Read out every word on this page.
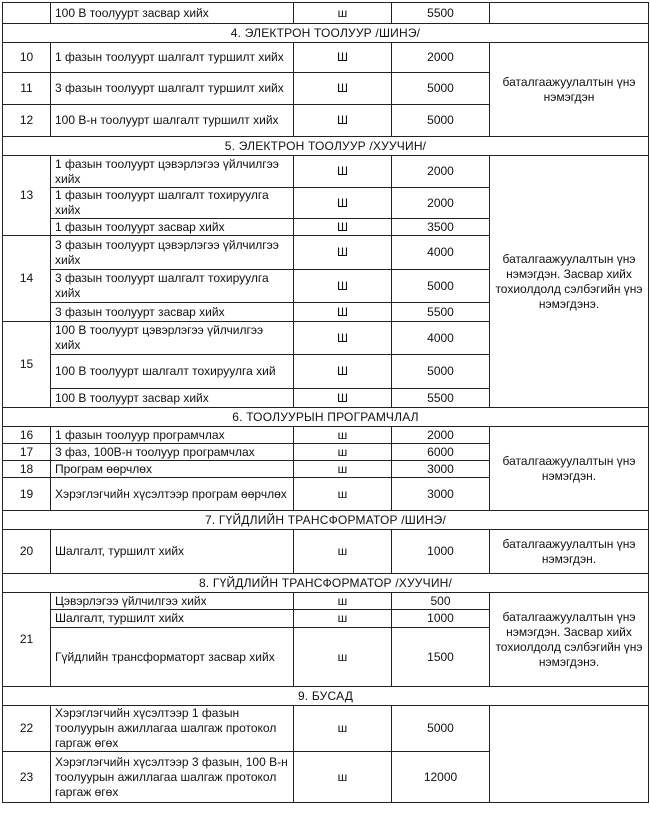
	100 В тоолуурт засвар хийх	ш	5500	
4. ЭЛЕКТРОН ТООЛУУР /ШИНЭ/				
10	1 фазын тоолуурт шалгалт туршилт хийх	Ш	2000	баталгаажуулалтын үнэ нэмэгдэн
11	3 фазын тоолуурт шалгалт туршилт хийх	Ш	5000	
12	100 В-н тоолуурт шалгалт туршилт хийх	Ш	5000	
5. ЭЛЕКТРОН ТООЛУУР /ХУУЧИН/				
13	1 фазын тоолуурт цэвэрлэгээ үйлчилгээ хийх	Ш	2000	баталгаажуулалтын үнэ нэмэгдэн. Засвар хийх тохиолдолд сэлбэгийн үнэ нэмэгдэнэ.
	1 фазын тоолуурт шалгалт тохируулга хийх	Ш	2000	
	1 фазын тоолуурт засвар хийх	Ш	3500	
14	3 фазын тоолуурт цэвэрлэгээ үйлчилгээ хийх	Ш	4000	
	3 фазын тоолуурт шалгалт тохируулга хийх	Ш	5000	
	3 фазын тоолуурт засвар хийх	Ш	5500	
15	100 В тоолуурт цэвэрлэгээ үйлчилгээ хийх	Ш	4000	
	100 В тоолуурт шалгалт тохируулга хий	Ш	5000	
	100 В тоолуурт засвар хийх	Ш	5500	
6. ТООЛУУРЫН ПРОГРАМЧЛАЛ				
16	1 фазын тоолуур програмчлах	ш	2000	баталгаажуулалтын үнэ нэмэгдэн.
17	3 фаз, 100В-н тоолуур програмчлах	ш	6000	
18	Програм өөрчлөх	ш	3000	
19	Хэрэглэгчийн хүсэлтээр програм өөрчлөх	ш	3000	
7. ГҮЙДЛИЙН ТРАНСФОРМАТОР /ШИНЭ/				
20	Шалгалт, туршилт хийх	ш	1000	баталгаажуулалтын үнэ нэмэгдэн.
8. ГҮЙДЛИЙН ТРАНСФОРМАТОР /ХУУЧИН/				
21	Цэвэрлэгээ үйлчилгээ хийх	ш	500	баталгаажуулалтын үнэ нэмэгдэн. Засвар хийх тохиолдолд сэлбэгийн үнэ нэмэгдэнэ.
	Шалгалт, туршилт хийх	ш	1000	
	Гүйдлийн трансформаторт засвар хийх	ш	1500	
9. БУСАД				
22	Хэрэглэгчийн хүсэлтээр 1 фазын тоолуурын ажиллагаа шалгаж протокол гаргаж өгөх	ш	5000	
23	Хэрэглэгчийн хүсэлтээр 3 фазын, 100 В-н тоолуурын ажиллагаа шалгаж протокол гаргаж өгөх	ш	12000	
